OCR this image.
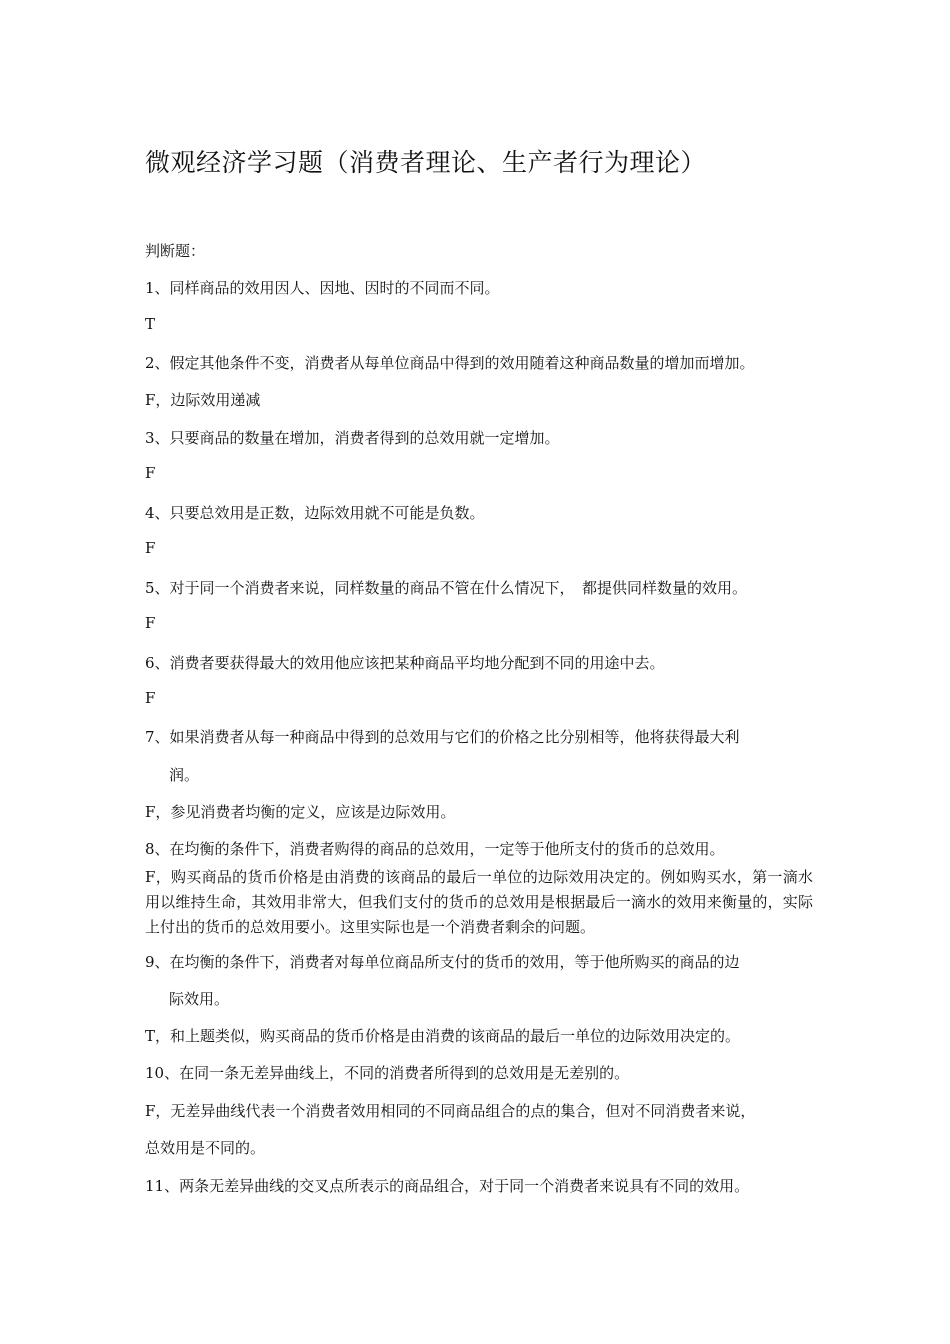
微观经济学习题（消费者理论、生产者行为理论）
判断题：
1、同样商品的效用因人、因地、因时的不同而不同。
T
2、假定其他条件不变，消费者从每单位商品中得到的效用随着这种商品数量的增加而增加。
F，边际效用递减
3、只要商品的数量在增加，消费者得到的总效用就一定增加。
F
4、只要总效用是正数，边际效用就不可能是负数。
F
5、对于同一个消费者来说，同样数量的商品不管在什么情况下，　都提供同样数量的效用。
F
6、消费者要获得最大的效用他应该把某种商品平均地分配到不同的用途中去。
F
7、如果消费者从每一种商品中得到的总效用与它们的价格之比分别相等，他将获得最大利
润。
F，参见消费者均衡的定义，应该是边际效用。
8、在均衡的条件下，消费者购得的商品的总效用，一定等于他所支付的货币的总效用。
F，购买商品的货币价格是由消费的该商品的最后一单位的边际效用决定的。例如购买水，第一滴水用以维持生命，其效用非常大，但我们支付的货币的总效用是根据最后一滴水的效用来衡量的，实际上付出的货币的总效用要小。这里实际也是一个消费者剩余的问题。
9、在均衡的条件下，消费者对每单位商品所支付的货币的效用，等于他所购买的商品的边
际效用。
T，和上题类似，购买商品的货币价格是由消费的该商品的最后一单位的边际效用决定的。
10、在同一条无差异曲线上，不同的消费者所得到的总效用是无差别的。
F，无差异曲线代表一个消费者效用相同的不同商品组合的点的集合，但对不同消费者来说，
总效用是不同的。
11、两条无差异曲线的交叉点所表示的商品组合，对于同一个消费者来说具有不同的效用。
